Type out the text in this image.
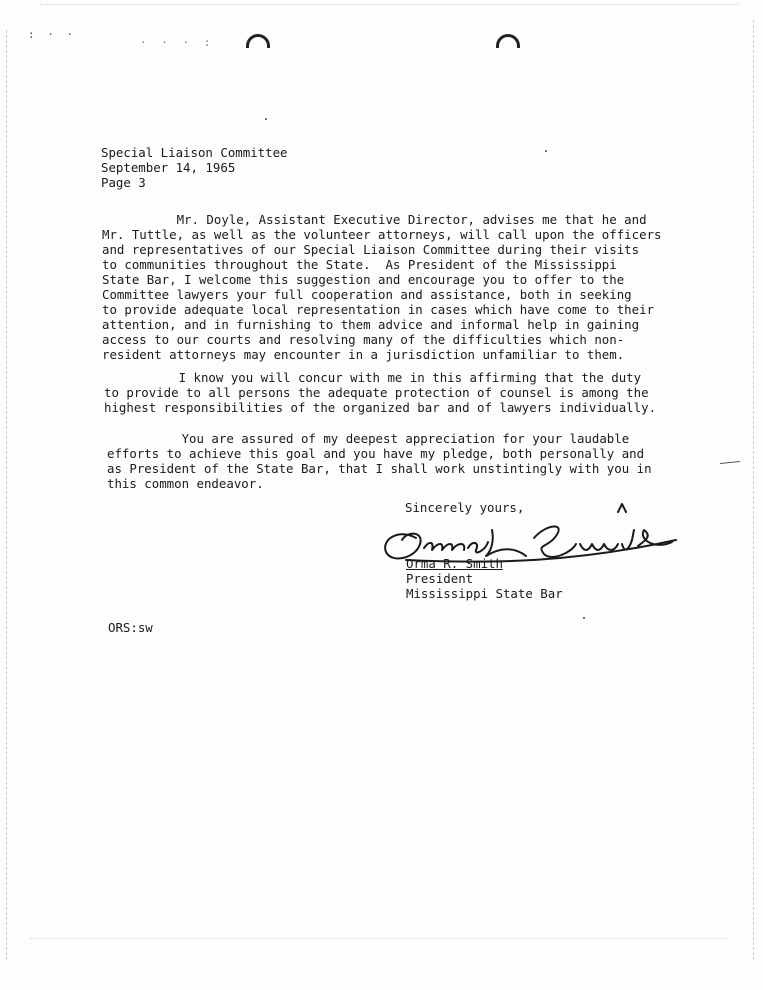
: · ·
· · · :
Special Liaison Committee
September 14, 1965
Page 3
Mr. Doyle, Assistant Executive Director, advises me that he and
Mr. Tuttle, as well as the volunteer attorneys, will call upon the officers
and representatives of our Special Liaison Committee during their visits
to communities throughout the State.  As President of the Mississippi
State Bar, I welcome this suggestion and encourage you to offer to the
Committee lawyers your full cooperation and assistance, both in seeking
to provide adequate local representation in cases which have come to their
attention, and in furnishing to them advice and informal help in gaining
access to our courts and resolving many of the difficulties which non-
resident attorneys may encounter in a jurisdiction unfamiliar to them.
I know you will concur with me in this affirming that the duty
to provide to all persons the adequate protection of counsel is among the
highest responsibilities of the organized bar and of lawyers individually.
You are assured of my deepest appreciation for your laudable
efforts to achieve this goal and you have my pledge, both personally and
as President of the State Bar, that I shall work unstintingly with you in
this common endeavor.
Sincerely yours,
Orma R. Smith
President
Mississippi State Bar
ORS:sw
